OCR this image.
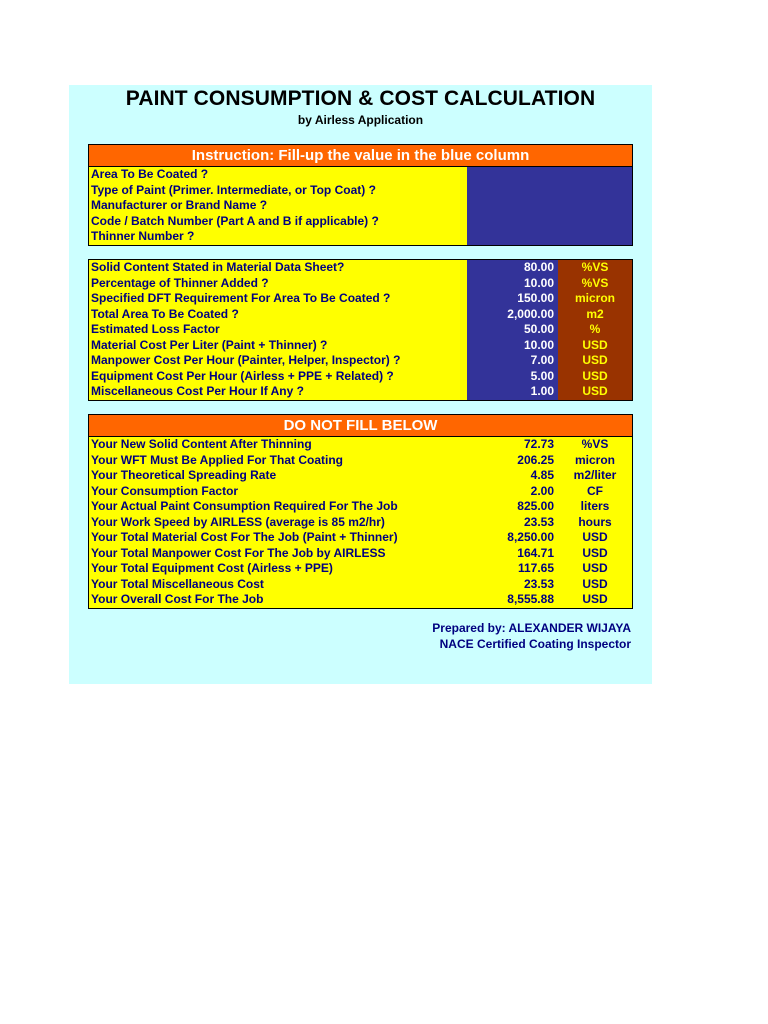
PAINT CONSUMPTION & COST CALCULATION
by Airless Application
Instruction: Fill-up the value in the blue column
Area To Be Coated ?
Type of Paint (Primer. Intermediate, or Top Coat) ?
Manufacturer or Brand Name ?
Code / Batch Number (Part A and B if applicable) ?
Thinner Number ?
Solid Content Stated in Material Data Sheet?	80.00	%VS
Percentage of Thinner Added ?	10.00	%VS
Specified DFT Requirement For Area To Be Coated ?	150.00	micron
Total Area To Be Coated ?	2,000.00	m2
Estimated Loss Factor	50.00	%
Material Cost Per Liter (Paint + Thinner) ?	10.00	USD
Manpower Cost Per Hour (Painter, Helper, Inspector) ?	7.00	USD
Equipment Cost Per Hour (Airless + PPE + Related) ?	5.00	USD
Miscellaneous Cost Per Hour If Any ?	1.00	USD
DO NOT FILL BELOW
Your New Solid Content After Thinning	72.73	%VS
Your WFT Must Be Applied For That Coating	206.25	micron
Your Theoretical Spreading Rate	4.85	m2/liter
Your Consumption Factor	2.00	CF
Your Actual Paint Consumption Required For The Job	825.00	liters
Your Work Speed by AIRLESS (average is 85 m2/hr)	23.53	hours
Your Total Material Cost For The Job (Paint + Thinner)	8,250.00	USD
Your Total Manpower Cost For The Job by AIRLESS	164.71	USD
Your Total Equipment Cost (Airless + PPE)	117.65	USD
Your Total Miscellaneous Cost	23.53	USD
Your Overall Cost For The Job	8,555.88	USD
Prepared by: ALEXANDER WIJAYA
NACE Certified Coating Inspector
